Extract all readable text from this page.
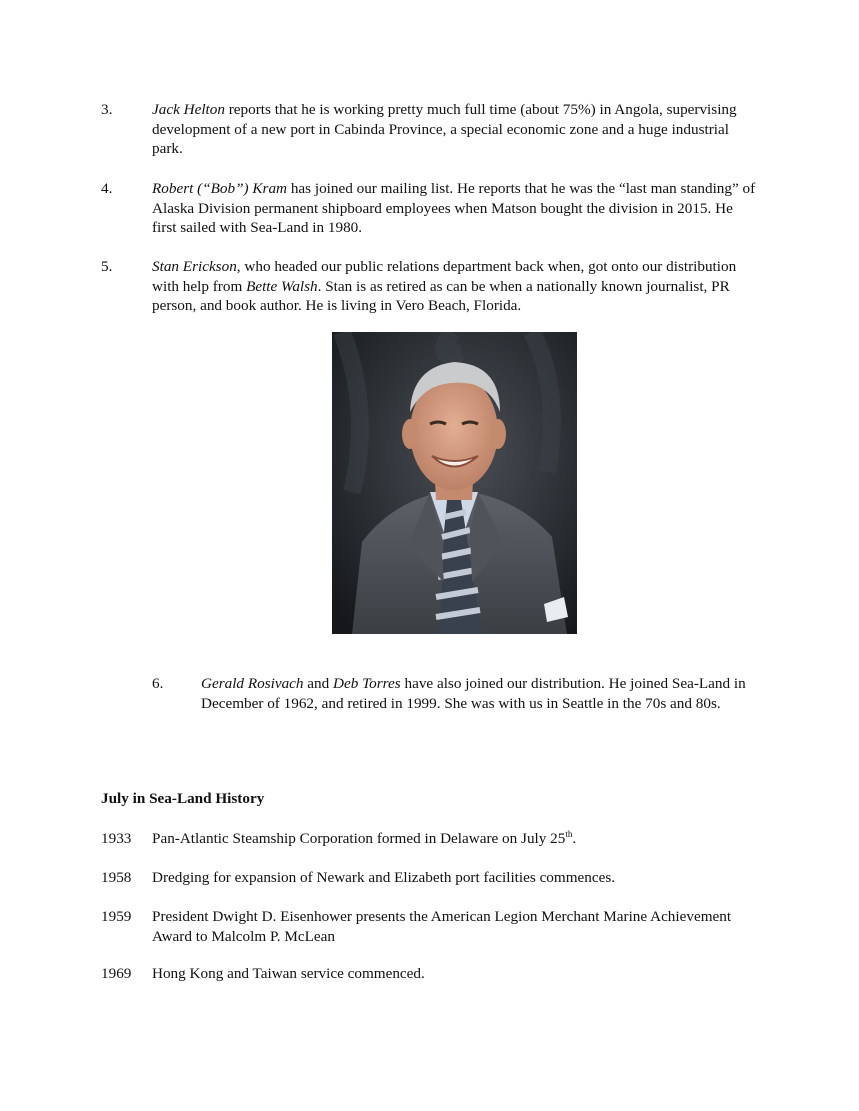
3.	Jack Helton reports that he is working pretty much full time (about 75%) in Angola, supervising development of a new port in Cabinda Province, a special economic zone and a huge industrial park.
4.	Robert (“Bob”) Kram has joined our mailing list. He reports that he was the “last man standing” of Alaska Division permanent shipboard employees when Matson bought the division in 2015. He first sailed with Sea-Land in 1980.
5.	Stan Erickson, who headed our public relations department back when, got onto our distribution with help from Bette Walsh. Stan is as retired as can be when a nationally known journalist, PR person, and book author. He is living in Vero Beach, Florida.
6. Gerald Rosivach and Deb Torres have also joined our distribution. He joined Sea-Land in December of 1962, and retired in 1999. She was with us in Seattle in the 70s and 80s.
July in Sea-Land History
1933 Pan-Atlantic Steamship Corporation formed in Delaware on July 25th.
1958 Dredging for expansion of Newark and Elizabeth port facilities commences.
1959 President Dwight D. Eisenhower presents the American Legion Merchant Marine Achievement Award to Malcolm P. McLean
1969 Hong Kong and Taiwan service commenced.
